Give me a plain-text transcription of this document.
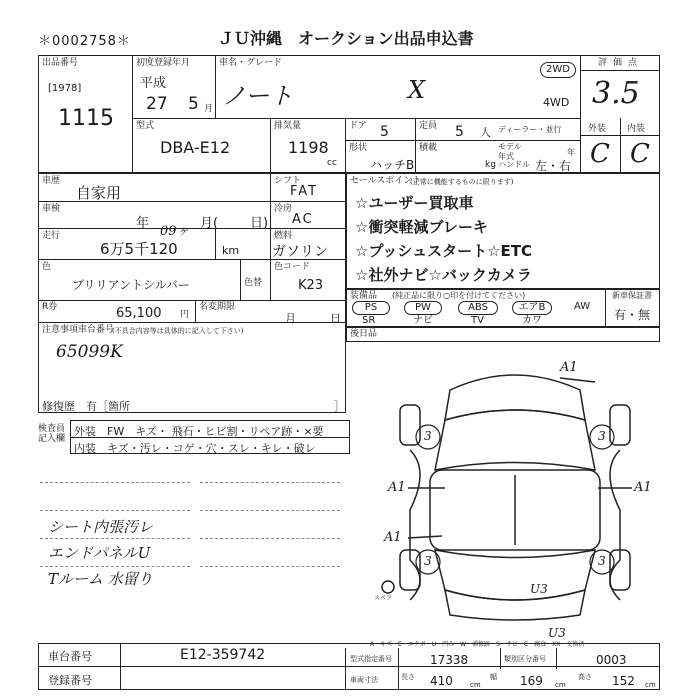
＊0002758＊	ＪＵ沖縄　オークション出品申込書
出品番号
[1978]
1115
初度登録年月
平成
27 5 月
車名・グレード
ノート	X
2WD
4WD
評価点
3.5
外装 内装
C C
型式
DBA-E12
排気量
1198
cc
ドア 5	定員 5 人 ディーラー・並行
モデル年式	年
形状
ハッチB
積載
kg ハンドル 左・右
車歴
自家用
シフト
FAT
車検
年	月( 日)
09ヶ
冷房
AC
走行
6万5千120	km
燃料
ガソリン
色
ブリリアントシルバー	色替
色コード
K23
R券	65,100 円
名変期限
月	日
注意事項車台番号
(不具合内容等は具体的に記入して下さい)
65099K
修復歴　有［箇所	］
セールスポイント
(正常に機能するものに限ります)
☆ユーザー買取車
☆衝突軽減ブレーキ
☆プッシュスタート☆ETC
☆社外ナビ☆バックカメラ
装備品 (純正品に限り○印を付けてください)
PS	PW	ABS	エアB
SR	ナビ	TV	カワ
AW
新車保証書
有・無
後日品
検査員記入欄
外装　FW　キズ・ 飛石・ヒビ割・リペア跡・×要
内装　キズ・汚レ・コゲ・穴・スレ・キレ・破レ
シート内張汚レ
エンドパネルU
Tルーム 水留り
A1
3	3
A1	A1
A1
3	3
U3
U3
スペア
A－キズ　E－エクボ　U－凹み　W－補修跡　S－サビ　C－腐食　XX－交換済
車台番号	E12-359742
登録番号
型式指定番号	17338	類別区分番号	0003
車両寸法	長さ 410 cm
幅 169 cm
高さ 152 cm
